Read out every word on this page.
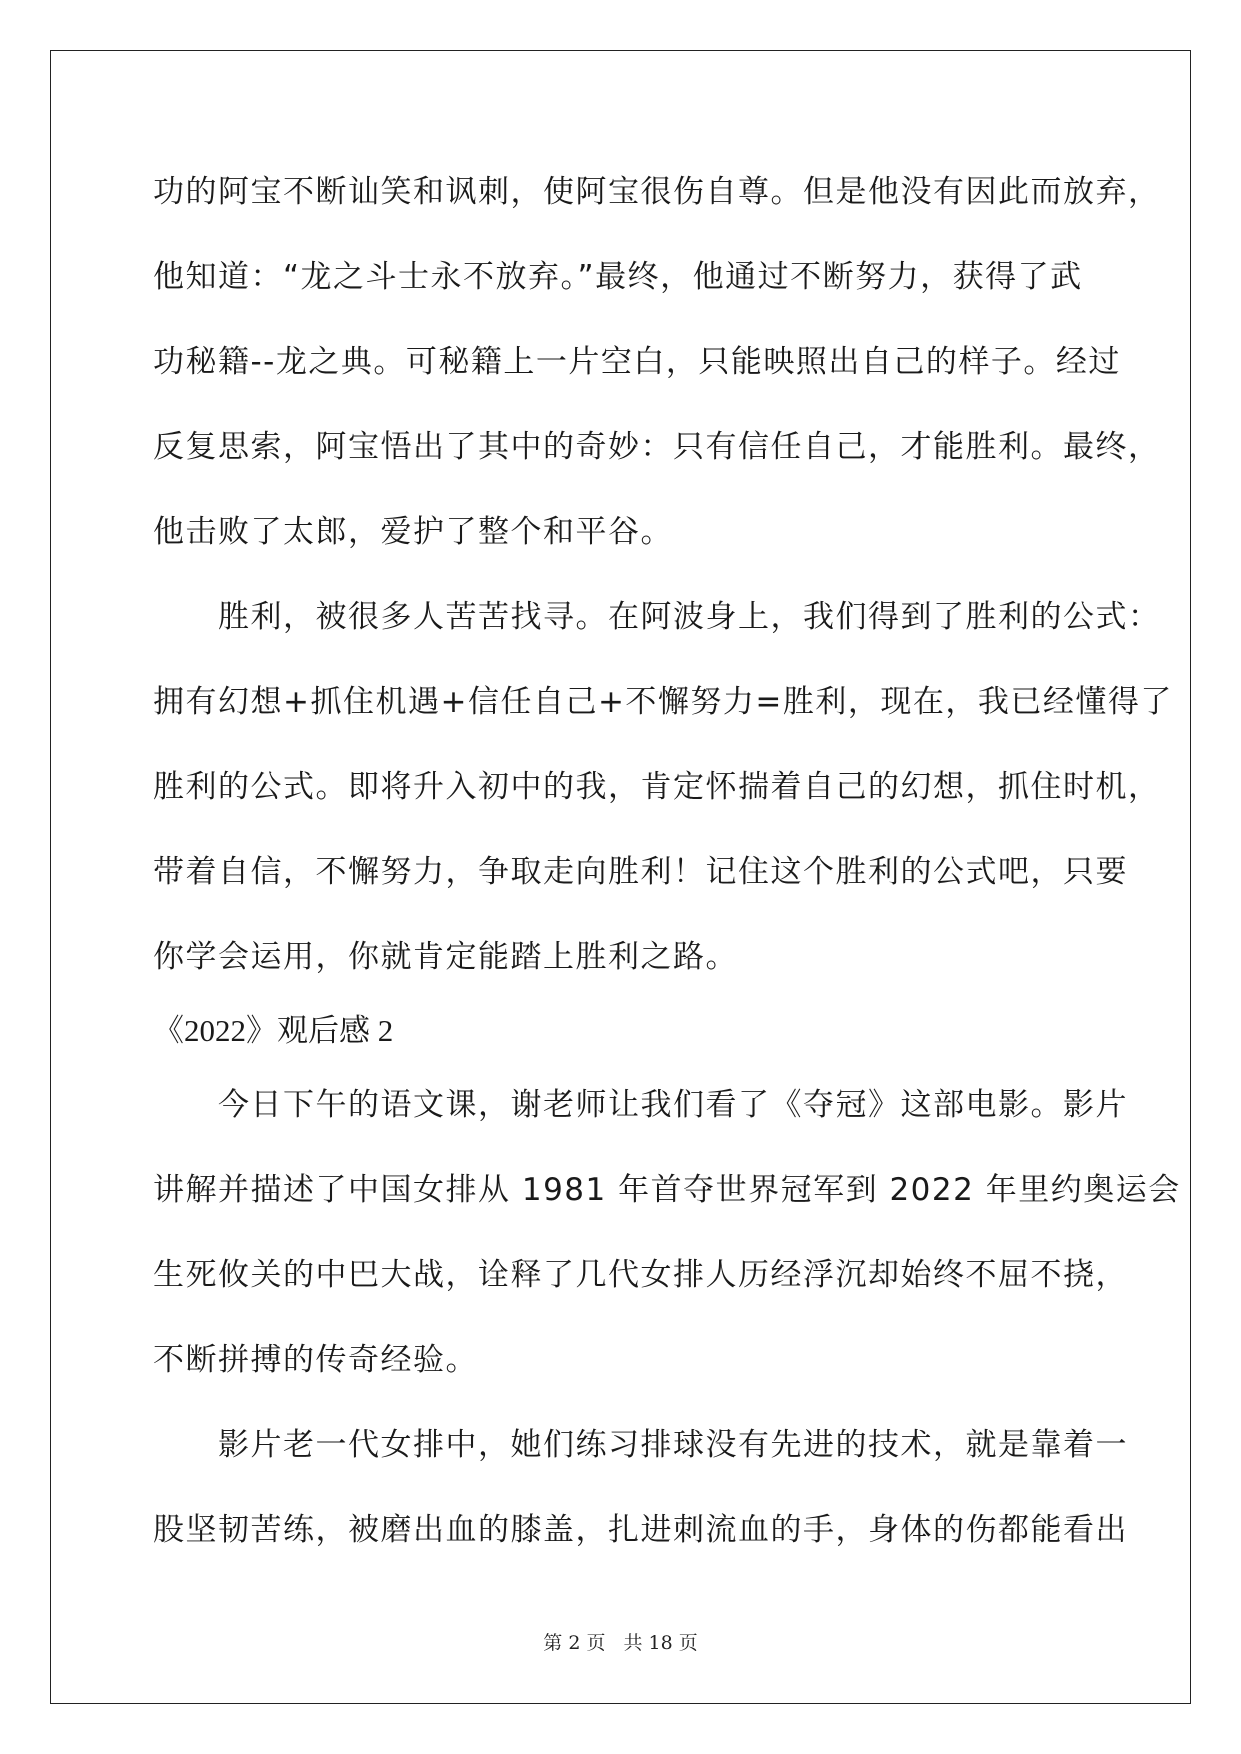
功的阿宝不断讪笑和讽刺，使阿宝很伤自尊。但是他没有因此而放弃，
他知道：“龙之斗士永不放弃。”最终，他通过不断努力，获得了武
功秘籍--龙之典。可秘籍上一片空白，只能映照出自己的样子。经过
反复思索，阿宝悟出了其中的奇妙：只有信任自己，才能胜利。最终，
他击败了太郎，爱护了整个和平谷。
　　胜利，被很多人苦苦找寻。在阿波身上，我们得到了胜利的公式：
拥有幻想+抓住机遇+信任自己+不懈努力=胜利，现在，我已经懂得了
胜利的公式。即将升入初中的我，肯定怀揣着自己的幻想，抓住时机，
带着自信，不懈努力，争取走向胜利！记住这个胜利的公式吧，只要
你学会运用，你就肯定能踏上胜利之路。
《2022》观后感 2
　　今日下午的语文课，谢老师让我们看了《夺冠》这部电影。影片
讲解并描述了中国女排从 1981 年首夺世界冠军到 2022 年里约奥运会
生死攸关的中巴大战，诠释了几代女排人历经浮沉却始终不屈不挠，
不断拼搏的传奇经验。
　　影片老一代女排中，她们练习排球没有先进的技术，就是靠着一
股坚韧苦练，被磨出血的膝盖，扎进刺流血的手，身体的伤都能看出
第 2 页 共 18 页
